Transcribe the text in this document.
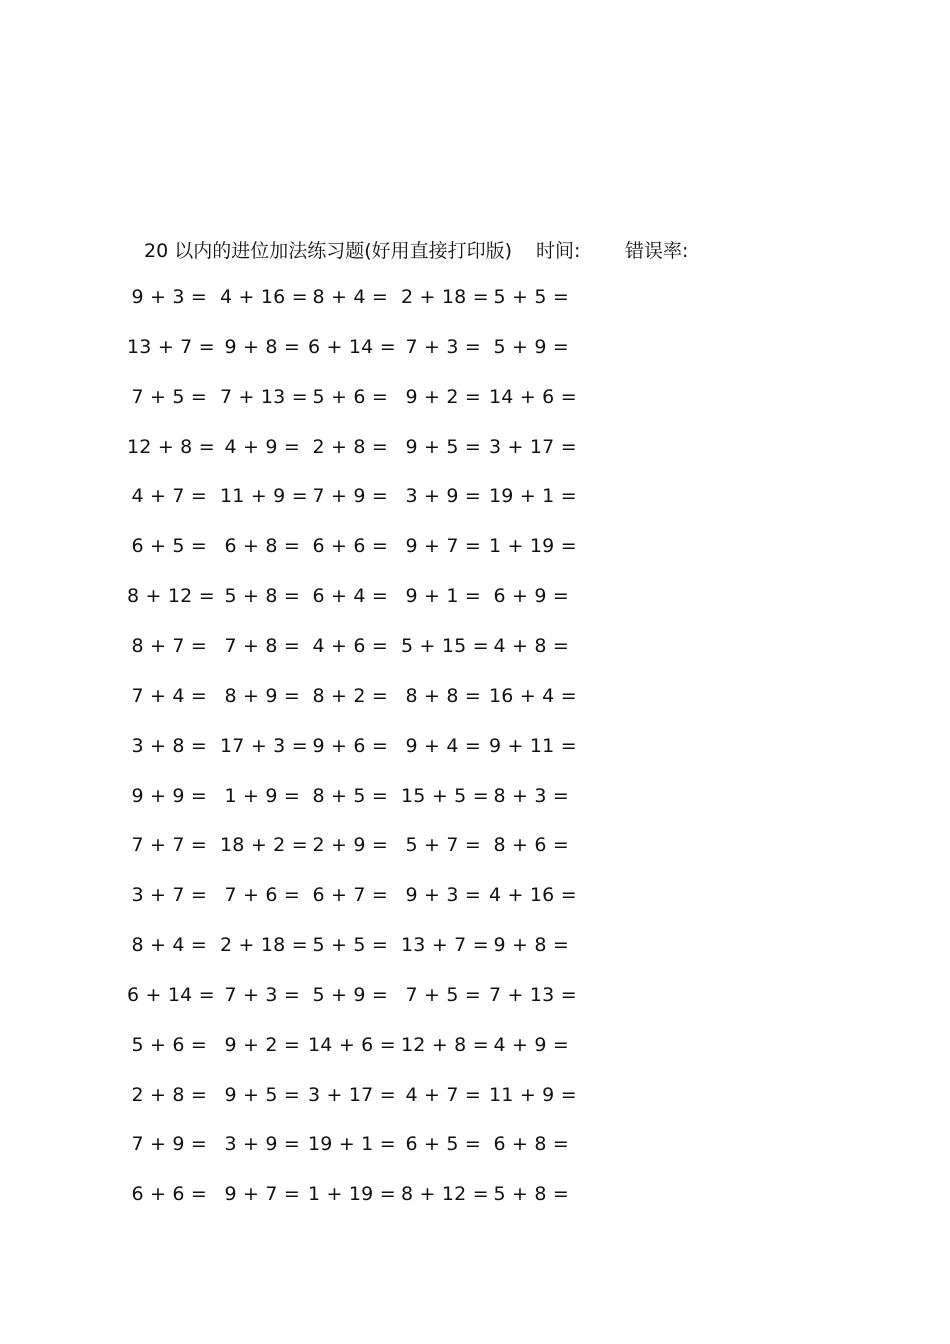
20 以内的进位加法练习题(好用直接打印版) 时间: 错误率:
9 + 3 = 4 + 16 = 8 + 4 = 2 + 18 = 5 + 5 =
13 + 7 = 9 + 8 = 6 + 14 = 7 + 3 = 5 + 9 =
7 + 5 = 7 + 13 = 5 + 6 = 9 + 2 = 14 + 6 =
12 + 8 = 4 + 9 = 2 + 8 = 9 + 5 = 3 + 17 =
4 + 7 = 11 + 9 = 7 + 9 = 3 + 9 = 19 + 1 =
6 + 5 = 6 + 8 = 6 + 6 = 9 + 7 = 1 + 19 =
8 + 12 = 5 + 8 = 6 + 4 = 9 + 1 = 6 + 9 =
8 + 7 = 7 + 8 = 4 + 6 = 5 + 15 = 4 + 8 =
7 + 4 = 8 + 9 = 8 + 2 = 8 + 8 = 16 + 4 =
3 + 8 = 17 + 3 = 9 + 6 = 9 + 4 = 9 + 11 =
9 + 9 = 1 + 9 = 8 + 5 = 15 + 5 = 8 + 3 =
7 + 7 = 18 + 2 = 2 + 9 = 5 + 7 = 8 + 6 =
3 + 7 = 7 + 6 = 6 + 7 = 9 + 3 = 4 + 16 =
8 + 4 = 2 + 18 = 5 + 5 = 13 + 7 = 9 + 8 =
6 + 14 = 7 + 3 = 5 + 9 = 7 + 5 = 7 + 13 =
5 + 6 = 9 + 2 = 14 + 6 = 12 + 8 = 4 + 9 =
2 + 8 = 9 + 5 = 3 + 17 = 4 + 7 = 11 + 9 =
7 + 9 = 3 + 9 = 19 + 1 = 6 + 5 = 6 + 8 =
6 + 6 = 9 + 7 = 1 + 19 = 8 + 12 = 5 + 8 =
